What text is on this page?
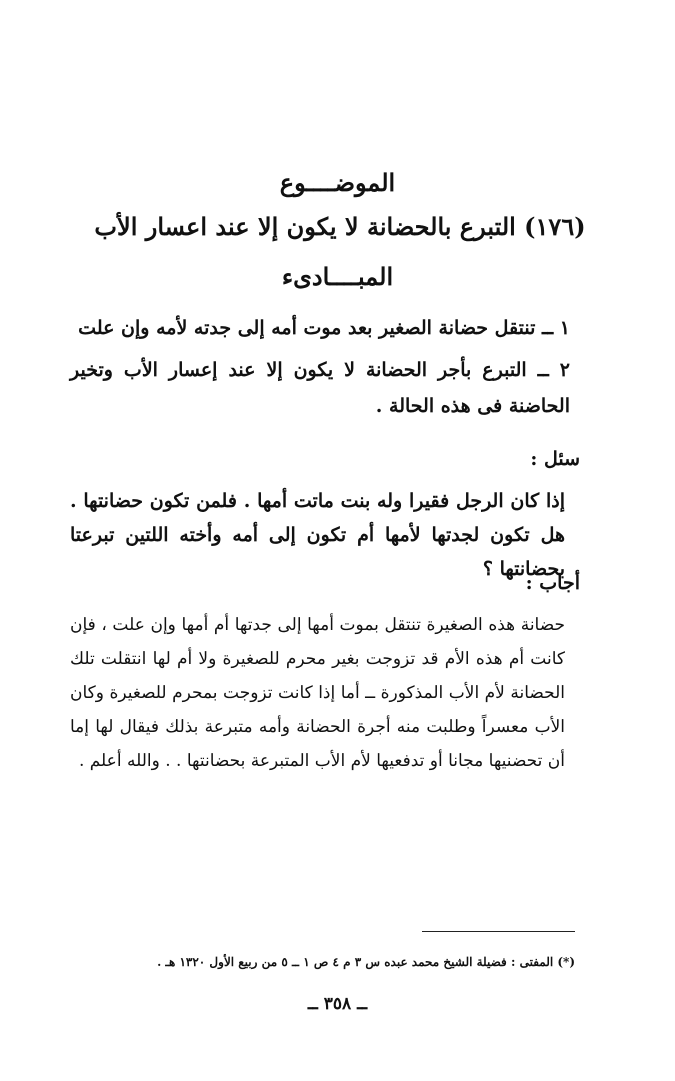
الموضــــوع
(١٧٦) التبرع بالحضانة لا يكون إلا عند اعسار الأب
المبــــادىء

١ ــ تنتقل حضانة الصغير بعد موت أمه إلى جدته لأمه وإن علت

٢ ــ التبرع بأجر الحضانة لا يكون إلا عند إعسار الأب وتخير الحاضنة فى هذه الحالة .

سئل :
إذا كان الرجل فقيرا وله بنت ماتت أمها . فلمن تكون حضانتها . هل تكون لجدتها لأمها أم تكون إلى أمه وأخته اللتين تبرعتا بحضانتها ؟
أجاب :
حضانة هذه الصغيرة تنتقل بموت أمها إلى جدتها أم أمها وإن علت ، فإن كانت أم هذه الأم قد تزوجت بغير محرم للصغيرة ولا أم لها انتقلت تلك الحضانة لأم الأب المذكورة ــ أما إذا كانت تزوجت بمحرم للصغيرة وكان الأب معسراً وطلبت منه أجرة الحضانة وأمه متبرعة بذلك فيقال لها إما أن تحضنيها مجانا أو تدفعيها لأم الأب المتبرعة بحضانتها . . والله أعلم .
(*) المفتى : فضيلة الشيخ محمد عبده س ٣ م ٤ ص ١ ــ ٥ من ربيع الأول ١٣٢٠ هـ .
ــ ٣٥٨ ــ
